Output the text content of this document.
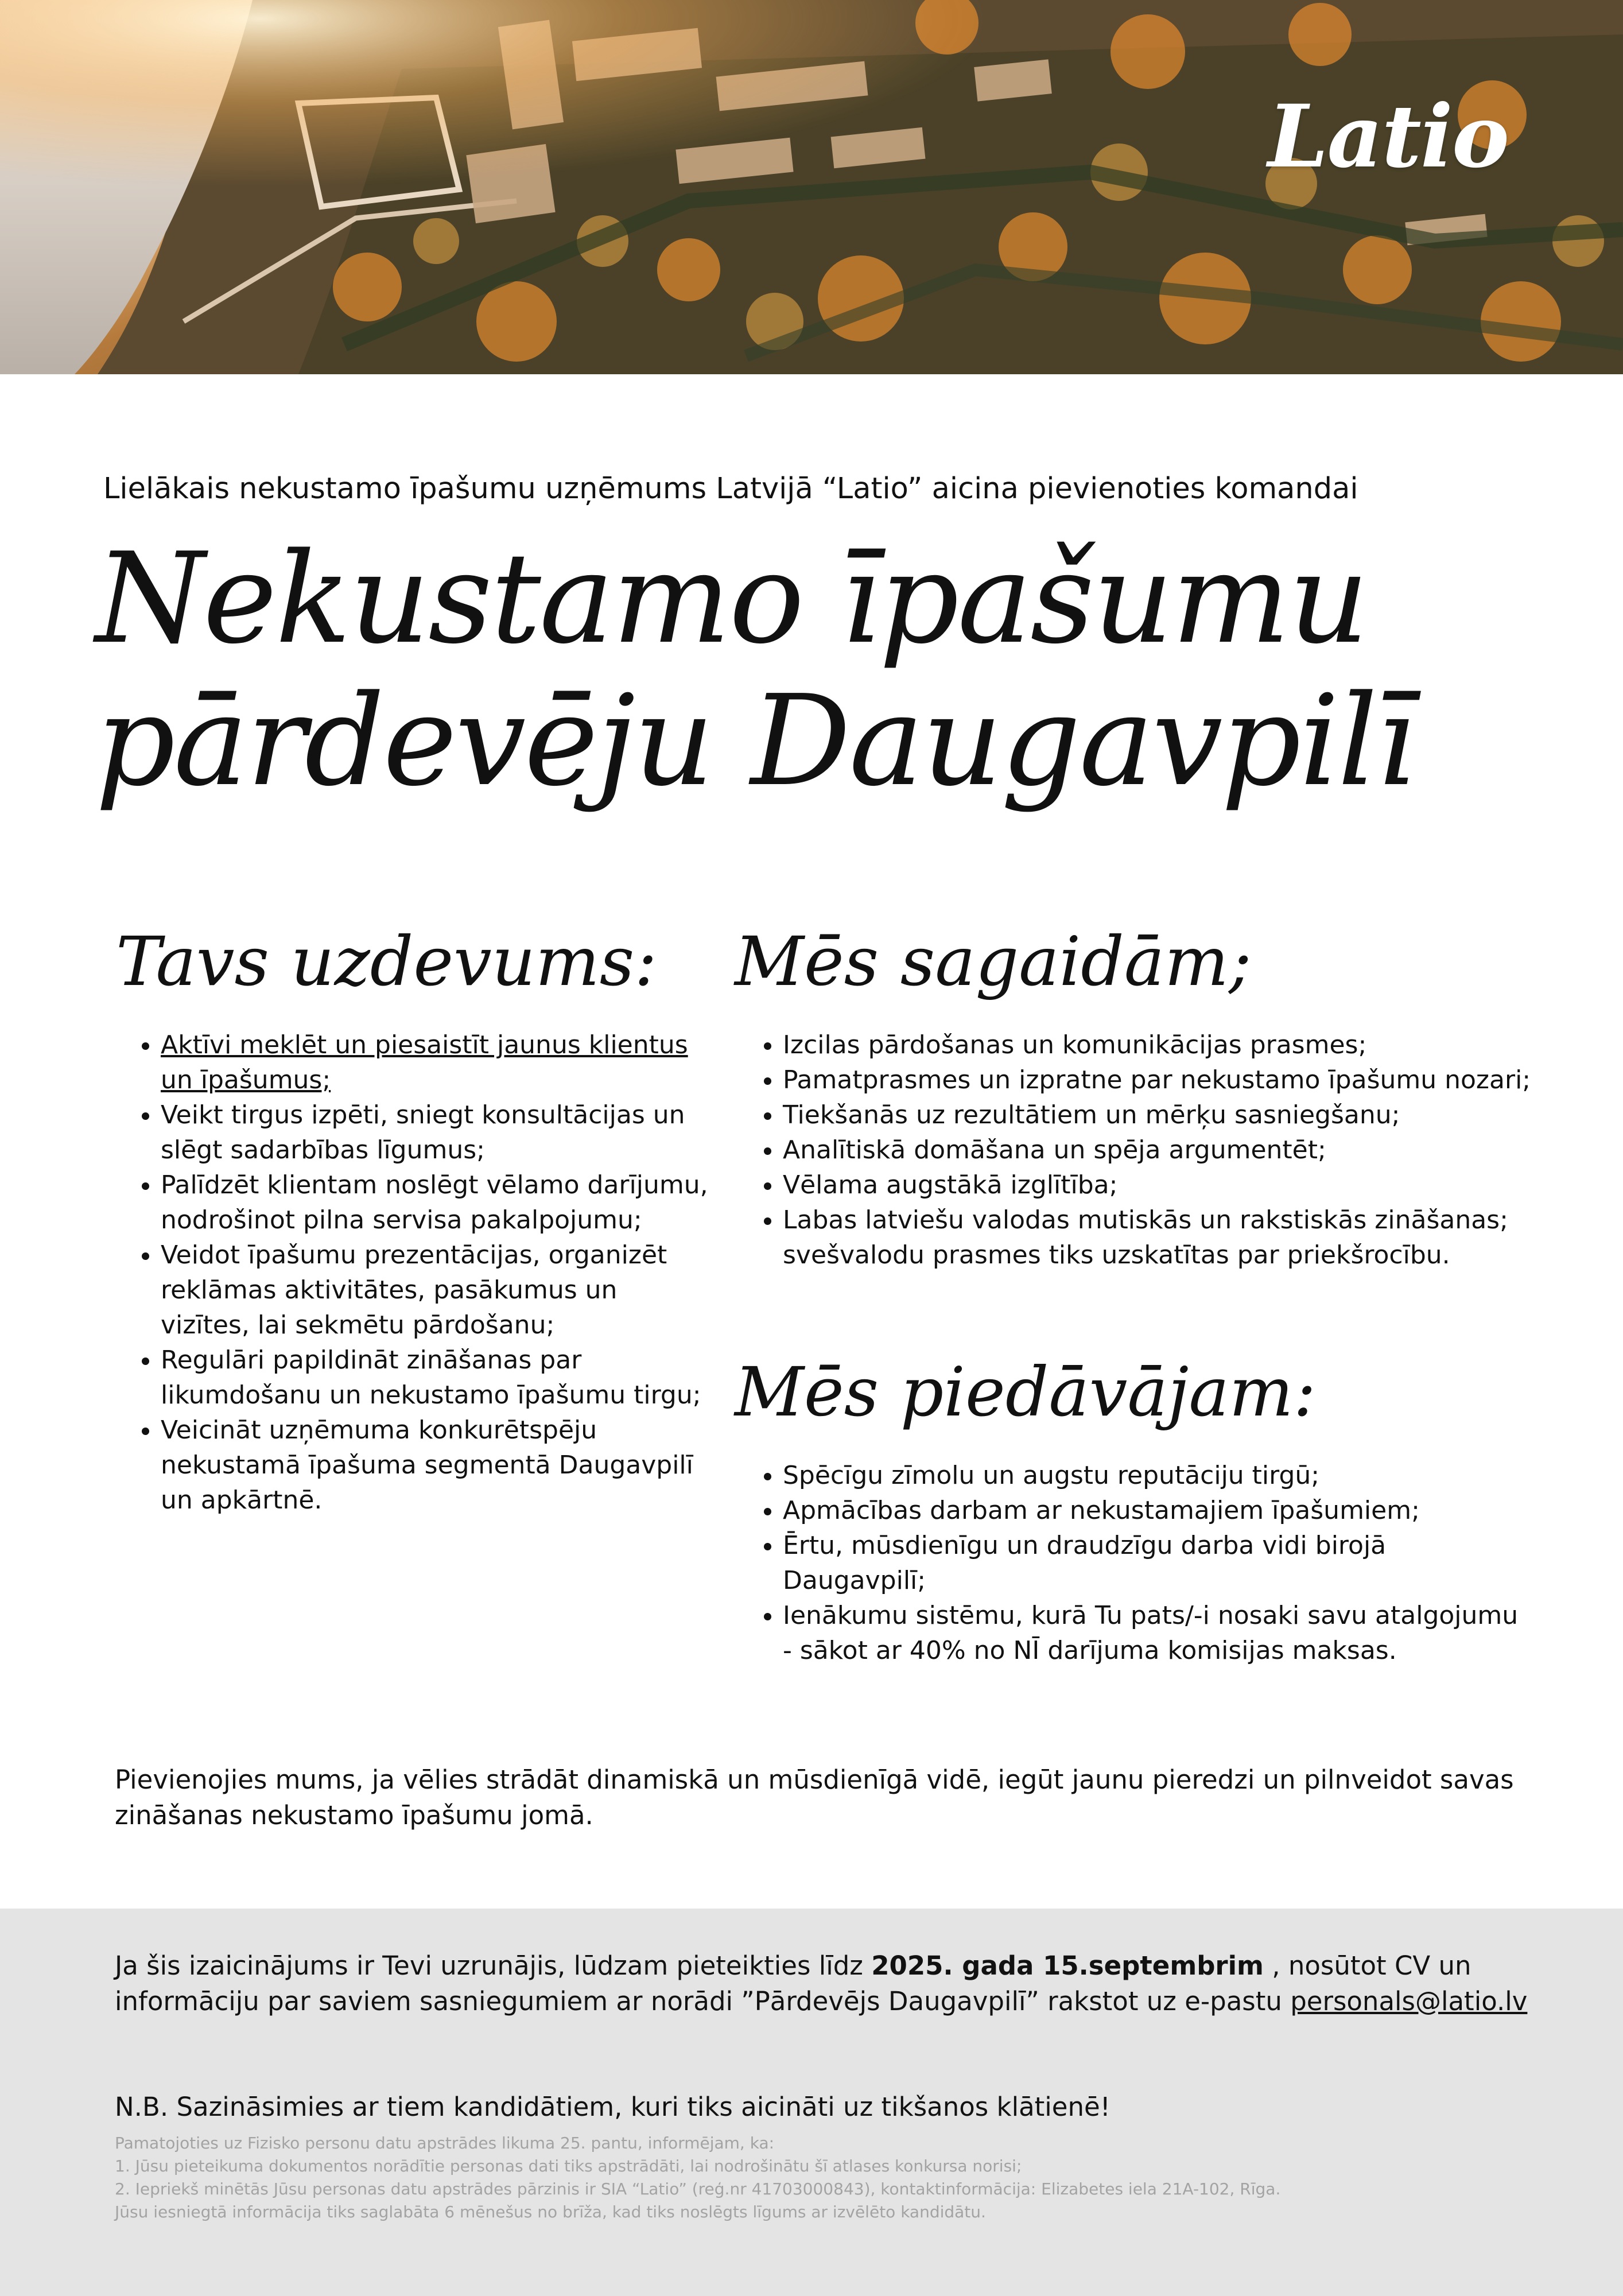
Latio
Lielākais nekustamo īpašumu uzņēmums Latvijā “Latio” aicina pievienoties komandai
Nekustamo īpašumu
pārdevēju Daugavpilī
Tavs uzdevums:
• Aktīvi meklēt un piesaistīt jaunus klientus un īpašumus;
• Veikt tirgus izpēti, sniegt konsultācijas un slēgt sadarbības līgumus;
• Palīdzēt klientam noslēgt vēlamo darījumu, nodrošinot pilna servisa pakalpojumu;
• Veidot īpašumu prezentācijas, organizēt reklāmas aktivitātes, pasākumus un vizītes, lai sekmētu pārdošanu;
• Regulāri papildināt zināšanas par likumdošanu un nekustamo īpašumu tirgu;
• Veicināt uzņēmuma konkurētspēju nekustamā īpašuma segmentā Daugavpilī un apkārtnē.
Mēs sagaidām;
• Izcilas pārdošanas un komunikācijas prasmes;
• Pamatprasmes un izpratne par nekustamo īpašumu nozari;
• Tiekšanās uz rezultātiem un mērķu sasniegšanu;
• Analītiskā domāšana un spēja argumentēt;
• Vēlama augstākā izglītība;
• Labas latviešu valodas mutiskās un rakstiskās zināšanas; svešvalodu prasmes tiks uzskatītas par priekšrocību.
Mēs piedāvājam:
• Spēcīgu zīmolu un augstu reputāciju tirgū;
• Apmācības darbam ar nekustamajiem īpašumiem;
• Ērtu, mūsdienīgu un draudzīgu darba vidi birojā Daugavpilī;
• Ienākumu sistēmu, kurā Tu pats/-i nosaki savu atalgojumu - sākot ar 40% no NĪ darījuma komisijas maksas.
Pievienojies mums, ja vēlies strādāt dinamiskā un mūsdienīgā vidē, iegūt jaunu pieredzi un pilnveidot savas zināšanas nekustamo īpašumu jomā.
Ja šis izaicinājums ir Tevi uzrunājis, lūdzam pieteikties līdz 2025. gada 15.septembrim , nosūtot CV un informāciju par saviem sasniegumiem ar norādi ”Pārdevējs Daugavpilī” rakstot uz e-pastu personals@latio.lv
N.B. Sazināsimies ar tiem kandidātiem, kuri tiks aicināti uz tikšanos klātienē!
Pamatojoties uz Fizisko personu datu apstrādes likuma 25. pantu, informējam, ka:
1. Jūsu pieteikuma dokumentos norādītie personas dati tiks apstrādāti, lai nodrošinātu šī atlases konkursa norisi;
2. Iepriekš minētās Jūsu personas datu apstrādes pārzinis ir SIA “Latio” (reģ.nr 41703000843), kontaktinformācija: Elizabetes iela 21A-102, Rīga.
Jūsu iesniegtā informācija tiks saglabāta 6 mēnešus no brīža, kad tiks noslēgts līgums ar izvēlēto kandidātu.
